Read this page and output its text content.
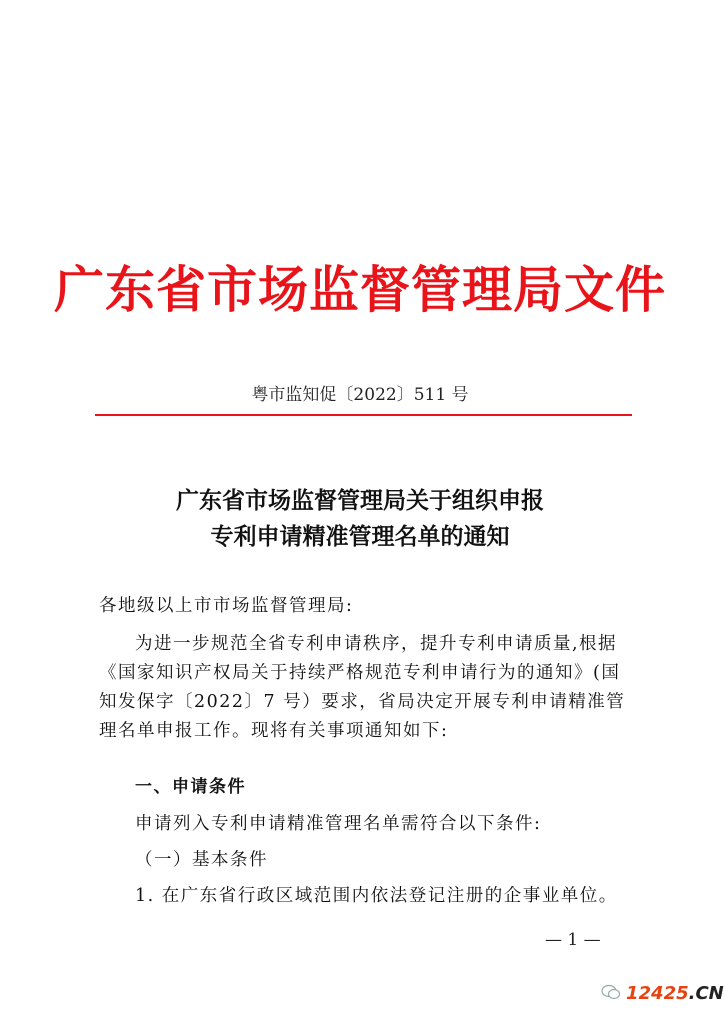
广东省市场监督管理局文件
粤市监知促〔2022〕511 号
广东省市场监督管理局关于组织申报
专利申请精准管理名单的通知
各地级以上市市场监督管理局:
为进一步规范全省专利申请秩序，提升专利申请质量,根据《国家知识产权局关于持续严格规范专利申请行为的通知》(国知发保字〔2022〕7 号）要求，省局决定开展专利申请精准管理名单申报工作。现将有关事项通知如下:
一、申请条件
申请列入专利申请精准管理名单需符合以下条件:
（一）基本条件
1. 在广东省行政区域范围内依法登记注册的企事业单位。
— 1 —
12425.CN
